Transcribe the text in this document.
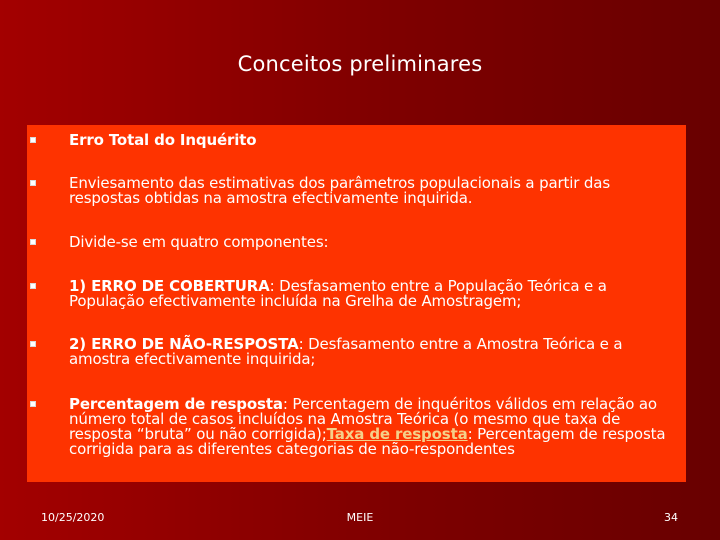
Conceitos preliminares
Erro Total do Inquérito
Enviesamento das estimativas dos parâmetros populacionais a partir das respostas obtidas na amostra efectivamente inquirida.
Divide-se em quatro componentes:
1) ERRO DE COBERTURA: Desfasamento entre a População Teórica e a População efectivamente incluída na Grelha de Amostragem;
2) ERRO DE NÃO-RESPOSTA: Desfasamento entre a Amostra Teórica e a amostra efectivamente inquirida;
Percentagem de resposta: Percentagem de inquéritos válidos em relação ao número total de casos incluídos na Amostra Teórica (o mesmo que taxa de resposta “bruta” ou não corrigida);Taxa de resposta: Percentagem de resposta corrigida para as diferentes categorias de não-respondentes
10/25/2020	MEIE	34
